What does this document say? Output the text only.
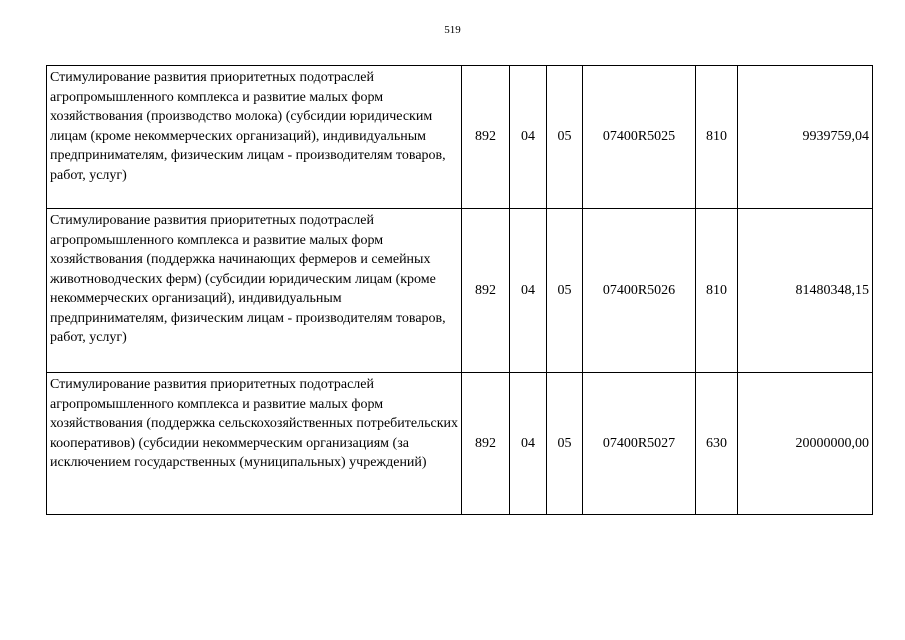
519
Стимулирование развития приоритетных подотраслей агропромышленного комплекса и развитие малых форм хозяйствования (производство молока) (субсидии юридическим лицам (кроме некоммерческих организаций), индивидуальным предпринимателям, физическим лицам - производителям товаров, работ, услуг)	892	04	05	07400R5025	810	9939759,04
Стимулирование развития приоритетных подотраслей агропромышленного комплекса и развитие малых форм хозяйствования (поддержка начинающих фермеров и семейных животноводческих ферм) (субсидии юридическим лицам (кроме некоммерческих организаций), индивидуальным предпринимателям, физическим лицам - производителям товаров, работ, услуг)	892	04	05	07400R5026	810	81480348,15
Стимулирование развития приоритетных подотраслей агропромышленного комплекса и развитие малых форм хозяйствования (поддержка сельскохозяйственных потребительских кооперативов) (субсидии некоммерческим организациям (за исключением государственных (муниципальных) учреждений)	892	04	05	07400R5027	630	20000000,00
